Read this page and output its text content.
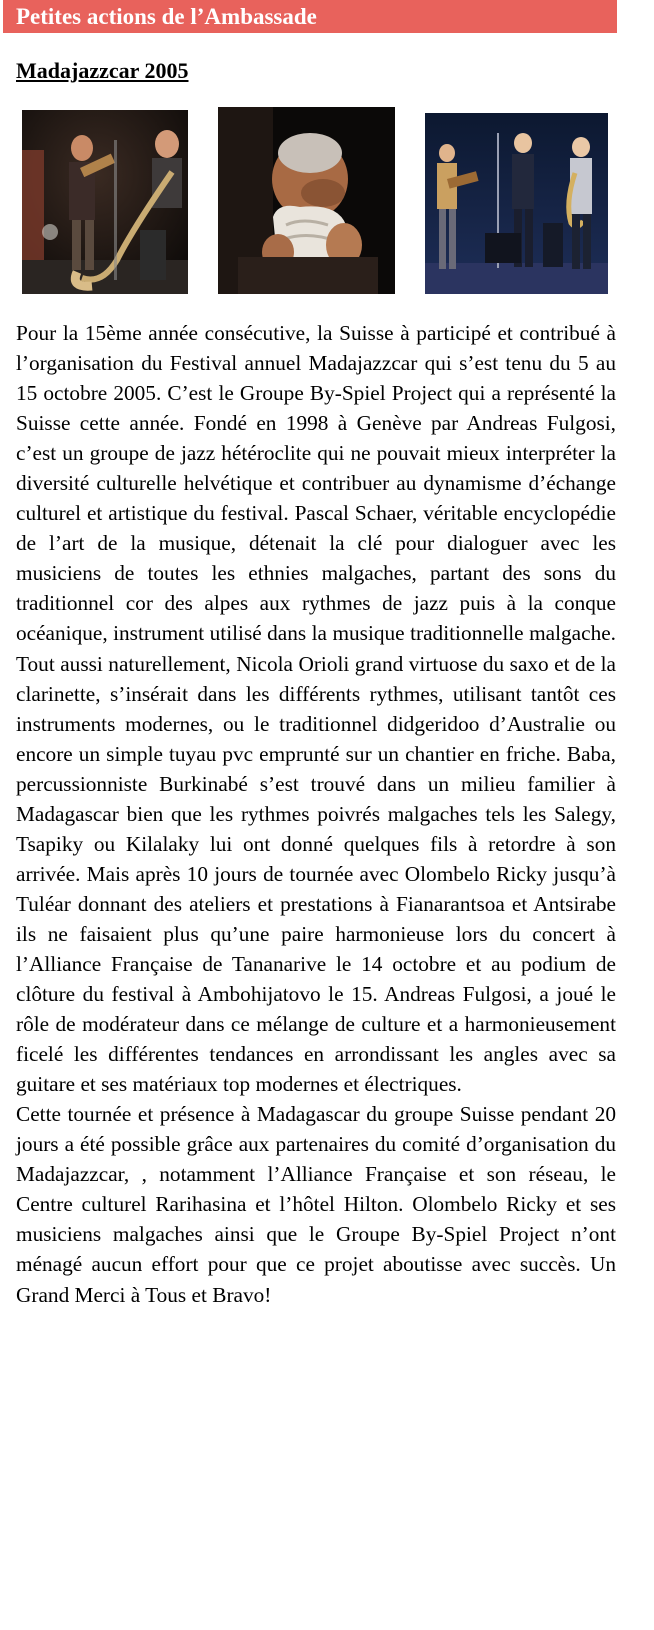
Petites actions de l’Ambassade
Madajazzcar 2005

Pour la 15ème année consécutive, la Suisse à participé et contribué à l’organisation du Festival annuel Madajazzcar qui s’est tenu du 5 au 15 octobre 2005. C’est le Groupe By-Spiel Project qui a représenté la Suisse cette année. Fondé en 1998 à Genève par Andreas Fulgosi, c’est un groupe de jazz hétéroclite qui ne pouvait mieux interpréter la diversité culturelle helvétique et contribuer au dynamisme d’échange culturel et artistique du festival. Pascal Schaer, véritable encyclopédie de l’art de la musique, détenait la clé pour dialoguer avec les musiciens de toutes les ethnies malgaches, partant des sons du traditionnel cor des alpes aux rythmes de jazz puis à la conque océanique, instrument utilisé dans la musique traditionnelle malgache. Tout aussi naturellement, Nicola Orioli grand virtuose du saxo et de la clarinette, s’insérait dans les différents rythmes, utilisant tantôt ces instruments modernes, ou le traditionnel didgeridoo d’Australie ou encore un simple tuyau pvc emprunté sur un chantier en friche. Baba, percussionniste Burkinabé s’est trouvé dans un milieu familier à Madagascar bien que les rythmes poivrés malgaches tels les Salegy, Tsapiky ou Kilalaky lui ont donné quelques fils à retordre à son arrivée. Mais après 10 jours de tournée avec Olombelo Ricky jusqu’à Tuléar donnant des ateliers et prestations à Fianarantsoa et Antsirabe ils ne faisaient plus qu’une paire harmonieuse lors du concert à l’Alliance Française de Tananarive le 14 octobre et au podium de clôture du festival à Ambohijatovo le 15. Andreas Fulgosi, a joué le rôle de modérateur dans ce mélange de culture et a harmonieusement ficelé les différentes tendances en arrondissant les angles avec sa guitare et ses matériaux top modernes et électriques.

Cette tournée et présence à Madagascar du groupe Suisse pendant 20 jours a été possible grâce aux partenaires du comité d’organisation du Madajazzcar, , notamment l’Alliance Française et son réseau, le Centre culturel Rarihasina et l’hôtel Hilton. Olombelo Ricky et ses musiciens malgaches ainsi que le Groupe By-Spiel Project n’ont ménagé aucun effort pour que ce projet aboutisse avec succès. Un Grand Merci à Tous et Bravo!
